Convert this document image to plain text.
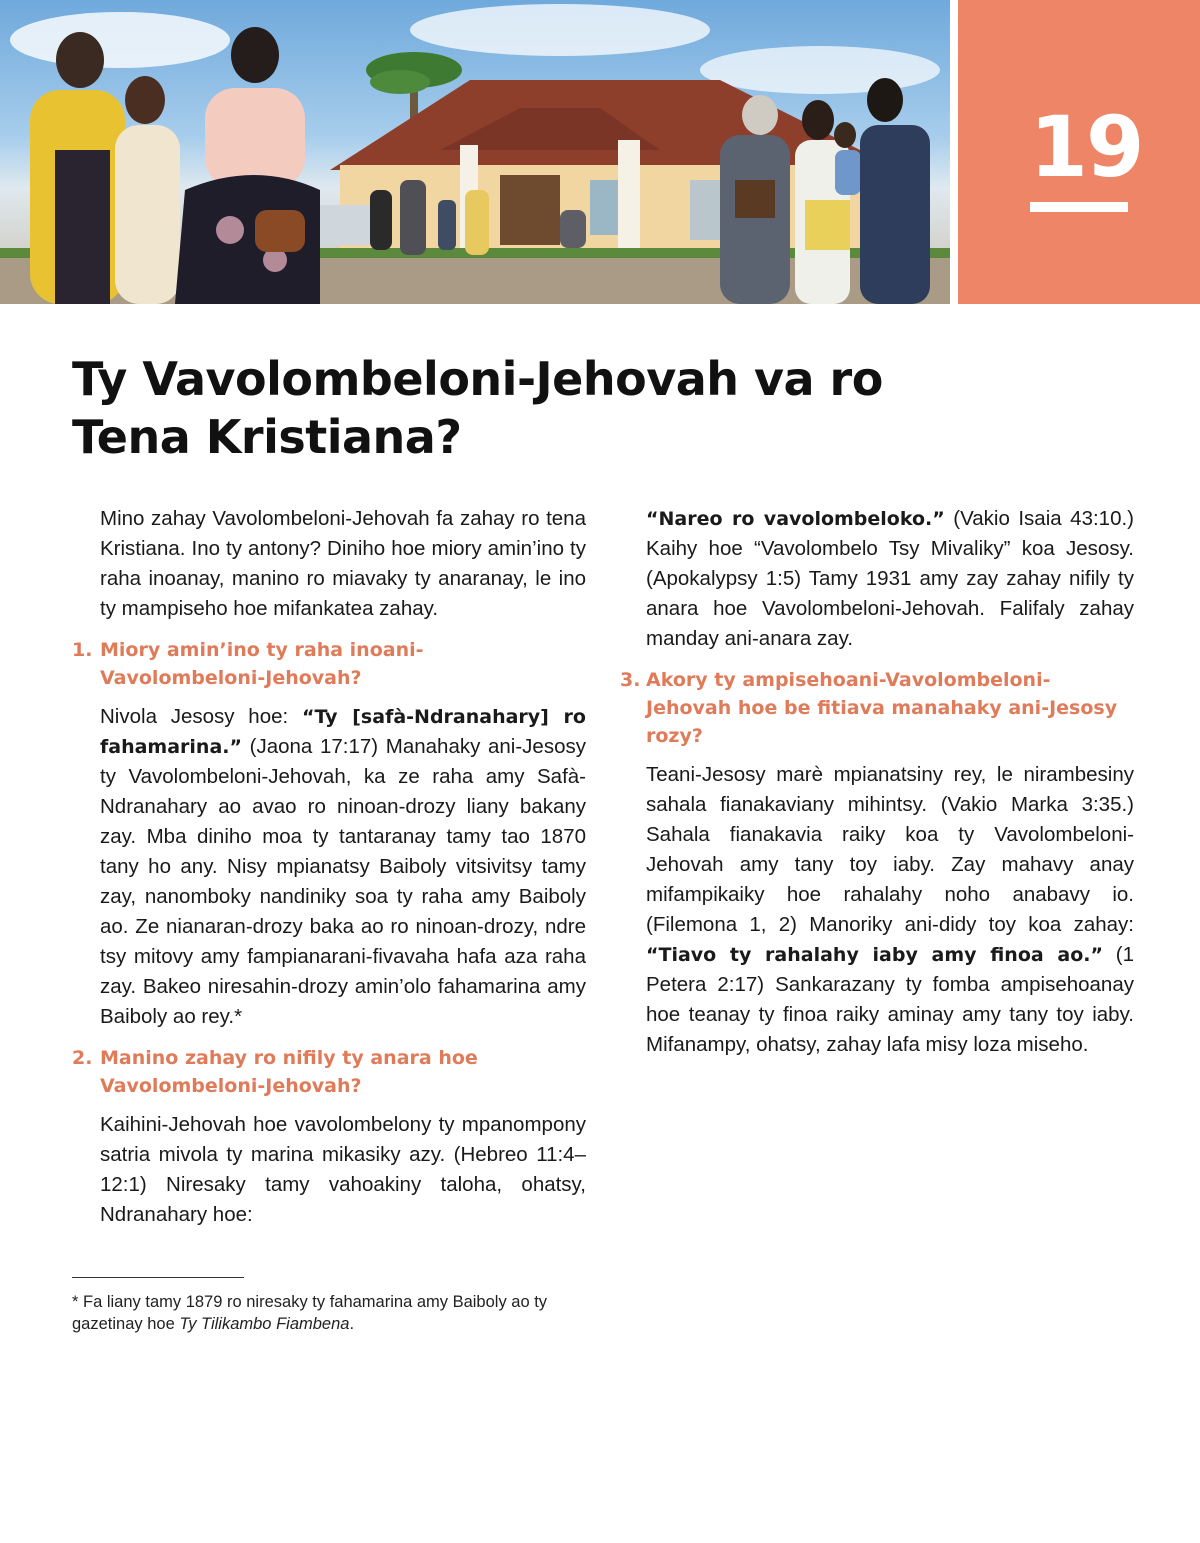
19
Ty Vavolombeloni-Jehovah va ro Tena Kristiana?

Mino zahay Vavolombeloni-Jehovah fa zahay ro tena Kristiana. Ino ty antony? Diniho hoe miory amin’ino ty raha inoanay, manino ro miavaky ty anaranay, le ino ty mampiseho hoe mifankatea zahay.

1. Miory amin’ino ty raha inoani-Vavolombeloni-Jehovah?

Nivola Jesosy hoe: “Ty [safà-Ndranahary] ro fahamarina.” (Jaona 17:17) Manahaky ani-Jesosy ty Vavolombeloni-Jehovah, ka ze raha amy Safà-Ndranahary ao avao ro ninoan-drozy liany bakany zay. Mba diniho moa ty tantaranay tamy tao 1870 tany ho any. Nisy mpianatsy Baiboly vitsivitsy tamy zay, nanomboky nandiniky soa ty raha amy Baiboly ao. Ze nianaran-drozy baka ao ro ninoan-drozy, ndre tsy mitovy amy fampianarani-fivavaha hafa aza raha zay. Bakeo niresahin-drozy amin’olo fahamarina amy Baiboly ao rey.*

2. Manino zahay ro nifily ty anara hoe Vavolombeloni-Jehovah?

Kaihini-Jehovah hoe vavolombelony ty mpanompony satria mivola ty marina mikasiky azy. (Hebreo 11:4–12:1) Niresaky tamy vahoakiny taloha, ohatsy, Ndranahary hoe:

“Nareo ro vavolombeloko.” (Vakio Isaia 43:10.) Kaihy hoe “Vavolombelo Tsy Mivaliky” koa Jesosy. (Apokalypsy 1:5) Tamy 1931 amy zay zahay nifily ty anara hoe Vavolombeloni-Jehovah. Falifaly zahay manday ani-anara zay.

3. Akory ty ampisehoani-Vavolombeloni-Jehovah hoe be fitiava manahaky ani-Jesosy rozy?

Teani-Jesosy marè mpianatsiny rey, le nirambesiny sahala fianakaviany mihintsy. (Vakio Marka 3:35.) Sahala fianakavia raiky koa ty Vavolombeloni-Jehovah amy tany toy iaby. Zay mahavy anay mifampikaiky hoe rahalahy noho anabavy io. (Filemona 1, 2) Manoriky ani-didy toy koa zahay: “Tiavo ty rahalahy iaby amy finoa ao.” (1 Petera 2:17) Sankarazany ty fomba ampisehoanay hoe teanay ty finoa raiky aminay amy tany toy iaby. Mifanampy, ohatsy, zahay lafa misy loza miseho.

* Fa liany tamy 1879 ro niresaky ty fahamarina amy Baiboly ao ty gazetinay hoe Ty Tilikambo Fiambena.
